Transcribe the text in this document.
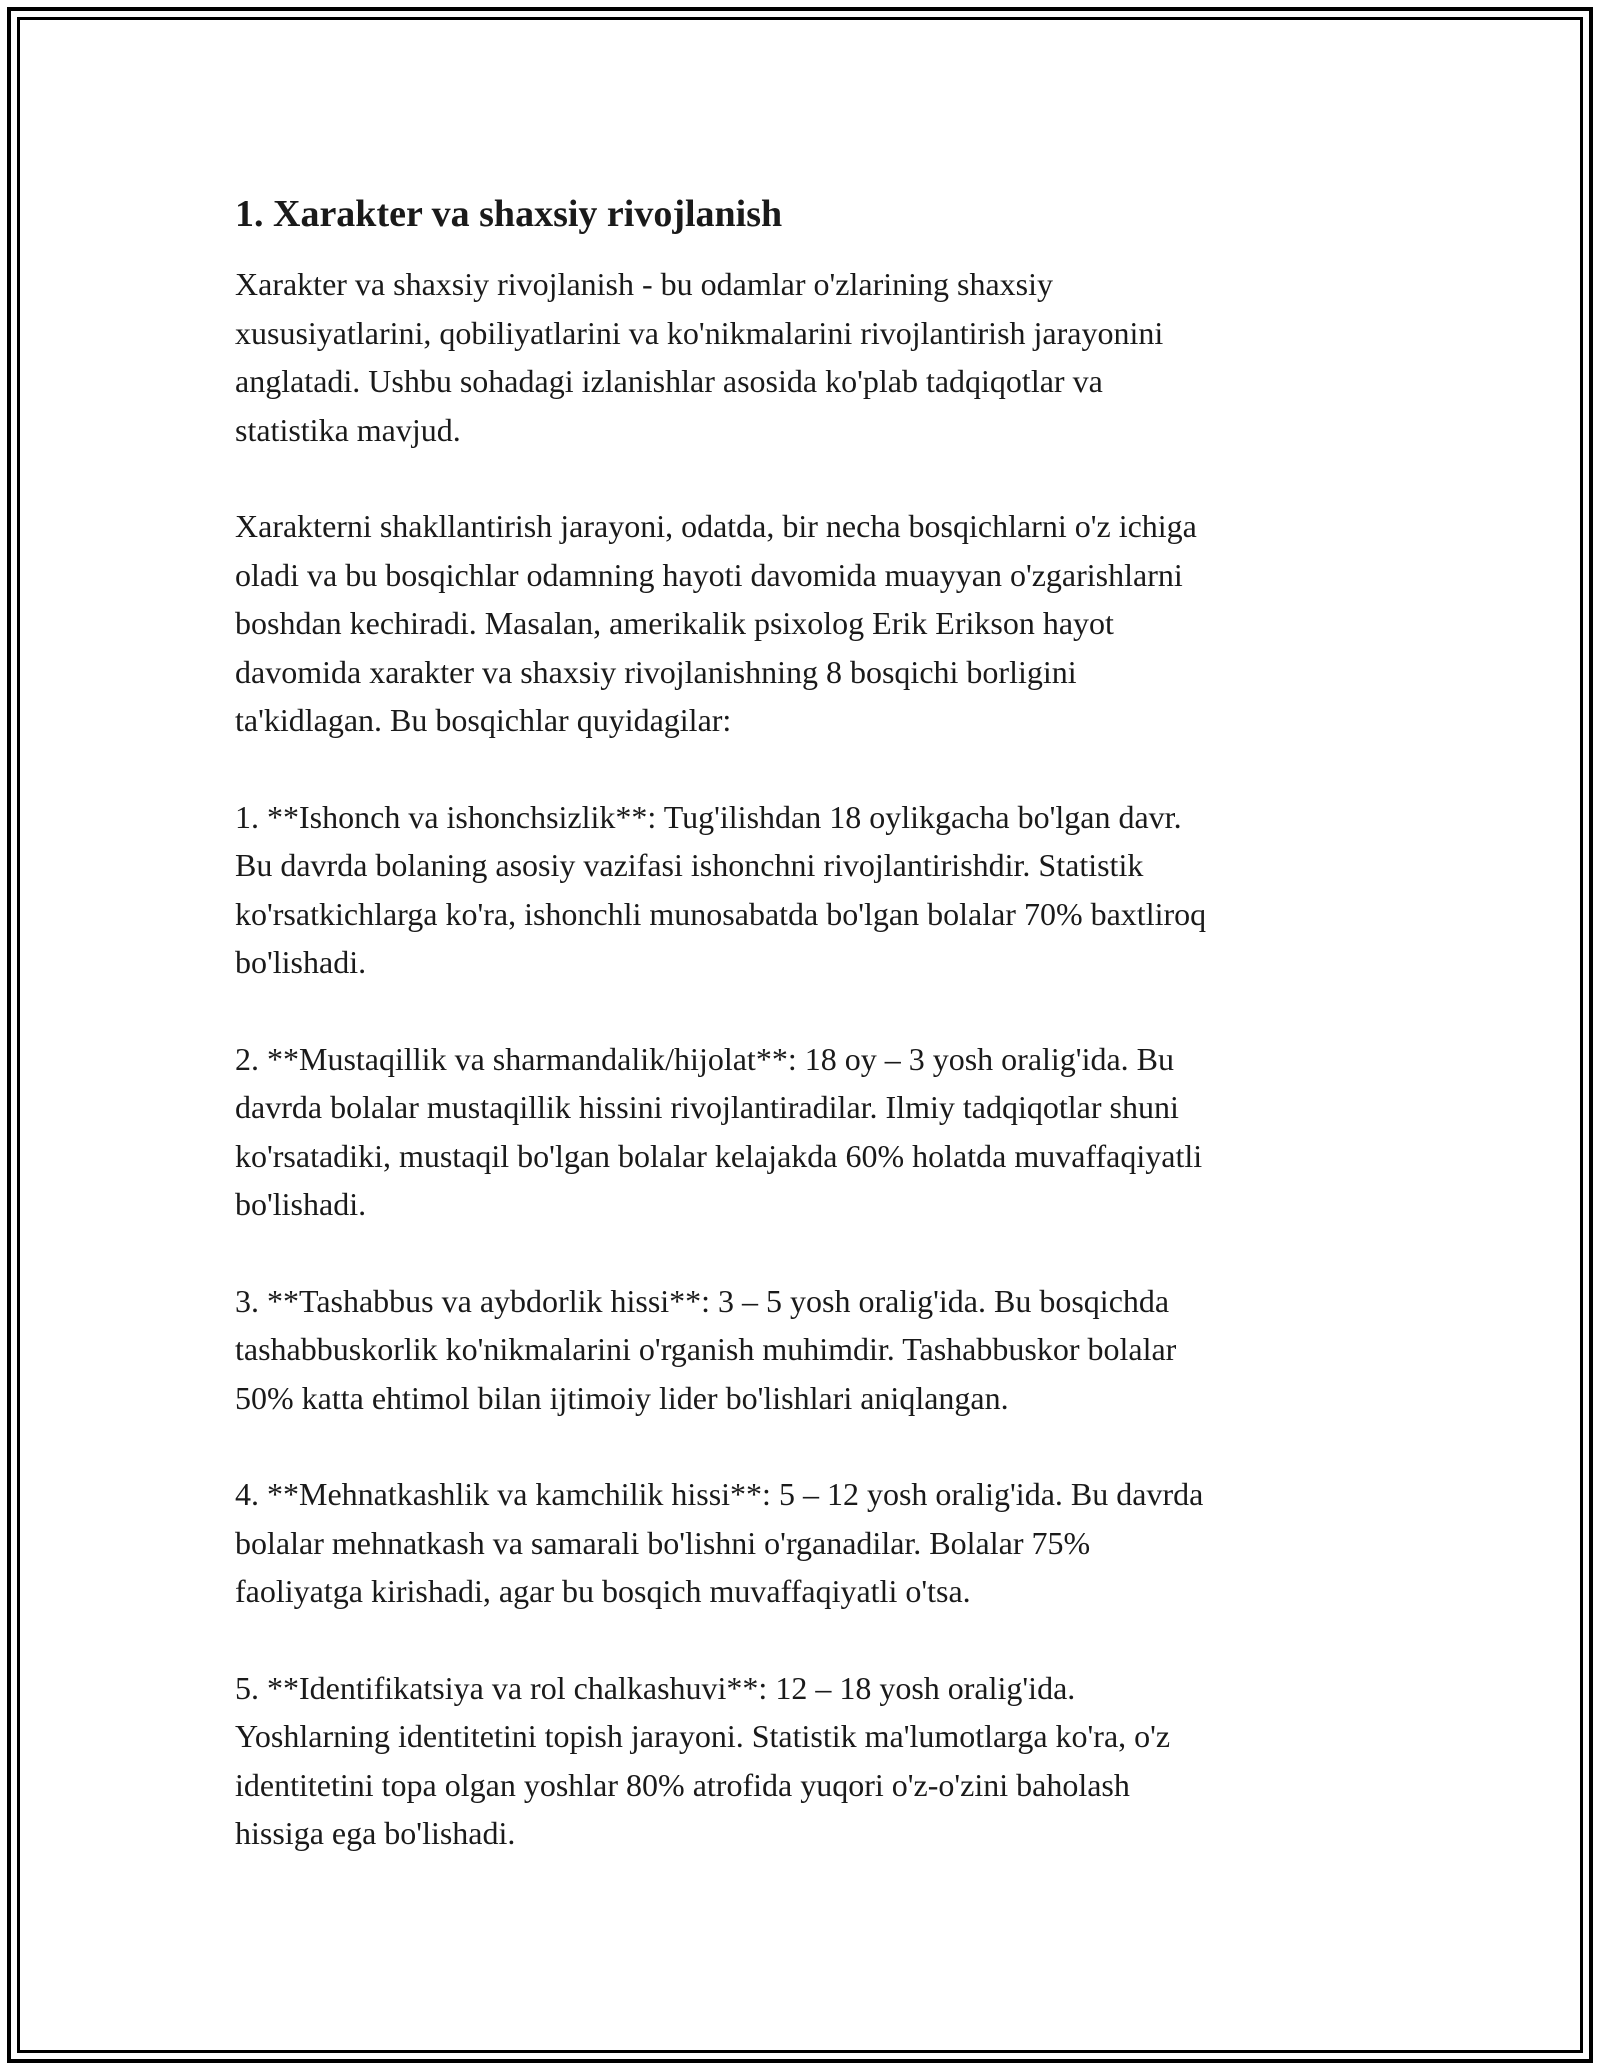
1. Xarakter va shaxsiy rivojlanish

Xarakter va shaxsiy rivojlanish - bu odamlar o'zlarining shaxsiy
xususiyatlarini, qobiliyatlarini va ko'nikmalarini rivojlantirish jarayonini
anglatadi. Ushbu sohadagi izlanishlar asosida ko'plab tadqiqotlar va
statistika mavjud.

Xarakterni shakllantirish jarayoni, odatda, bir necha bosqichlarni o'z ichiga
oladi va bu bosqichlar odamning hayoti davomida muayyan o'zgarishlarni
boshdan kechiradi. Masalan, amerikalik psixolog Erik Erikson hayot
davomida xarakter va shaxsiy rivojlanishning 8 bosqichi borligini
ta'kidlagan. Bu bosqichlar quyidagilar:

1. **Ishonch va ishonchsizlik**: Tug'ilishdan 18 oylikgacha bo'lgan davr.
Bu davrda bolaning asosiy vazifasi ishonchni rivojlantirishdir. Statistik
ko'rsatkichlarga ko'ra, ishonchli munosabatda bo'lgan bolalar 70% baxtliroq
bo'lishadi.

2. **Mustaqillik va sharmandalik/hijolat**: 18 oy – 3 yosh oralig'ida. Bu
davrda bolalar mustaqillik hissini rivojlantiradilar. Ilmiy tadqiqotlar shuni
ko'rsatadiki, mustaqil bo'lgan bolalar kelajakda 60% holatda muvaffaqiyatli
bo'lishadi.

3. **Tashabbus va aybdorlik hissi**: 3 – 5 yosh oralig'ida. Bu bosqichda
tashabbuskorlik ko'nikmalarini o'rganish muhimdir. Tashabbuskor bolalar
50% katta ehtimol bilan ijtimoiy lider bo'lishlari aniqlangan.

4. **Mehnatkashlik va kamchilik hissi**: 5 – 12 yosh oralig'ida. Bu davrda
bolalar mehnatkash va samarali bo'lishni o'rganadilar. Bolalar 75%
faoliyatga kirishadi, agar bu bosqich muvaffaqiyatli o'tsa.

5. **Identifikatsiya va rol chalkashuvi**: 12 – 18 yosh oralig'ida.
Yoshlarning identitetini topish jarayoni. Statistik ma'lumotlarga ko'ra, o'z
identitetini topa olgan yoshlar 80% atrofida yuqori o'z-o'zini baholash
hissiga ega bo'lishadi.
